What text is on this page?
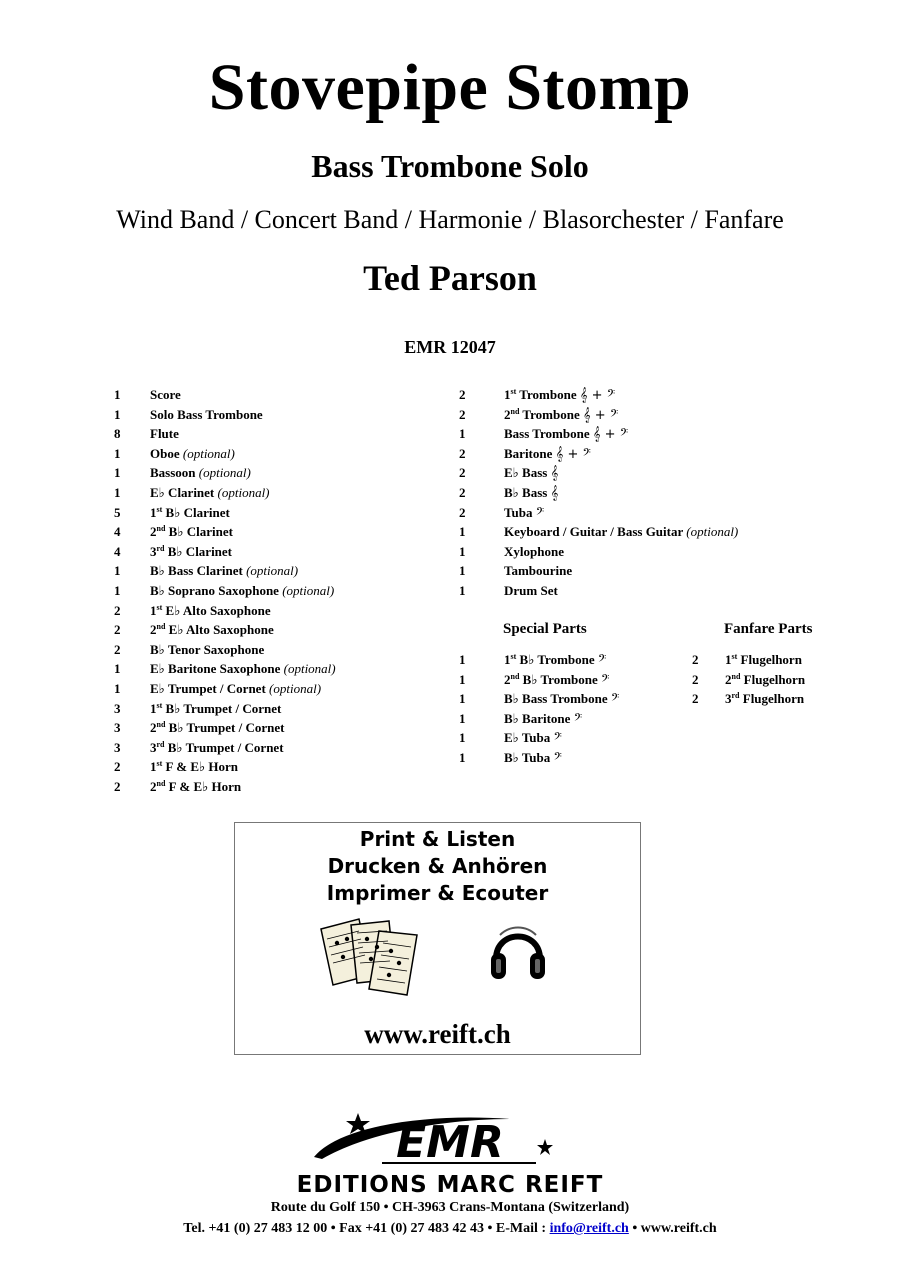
Stovepipe Stomp
Bass Trombone Solo
Wind Band / Concert Band / Harmonie / Blasorchester / Fanfare
Ted Parson
EMR 12047
1 Score
1 Solo Bass Trombone
8 Flute
1 Oboe (optional)
1 Bassoon (optional)
1 E♭ Clarinet (optional)
5 1st B♭ Clarinet
4 2nd B♭ Clarinet
4 3rd B♭ Clarinet
1 B♭ Bass Clarinet (optional)
1 B♭ Soprano Saxophone (optional)
2 1st E♭ Alto Saxophone
2 2nd E♭ Alto Saxophone
2 B♭ Tenor Saxophone
1 E♭ Baritone Saxophone (optional)
1 E♭ Trumpet / Cornet (optional)
3 1st B♭ Trumpet / Cornet
3 2nd B♭ Trumpet / Cornet
3 3rd B♭ Trumpet / Cornet
2 1st F & E♭ Horn
2 2nd F & E♭ Horn
2	1st Trombone 𝄞 + 𝄢
2	2nd Trombone 𝄞 + 𝄢
1	Bass Trombone 𝄞 + 𝄢
2	Baritone 𝄞 + 𝄢
2	E♭ Bass 𝄞
2	B♭ Bass 𝄞
2	Tuba 𝄢
1	Keyboard / Guitar / Bass Guitar (optional)
1	Xylophone
1	Tambourine
1	Drum Set
Special Parts
1	1st B♭ Trombone 𝄢
1	2nd B♭ Trombone 𝄢
1	B♭ Bass Trombone 𝄢
1	B♭ Baritone 𝄢
1	E♭ Tuba 𝄢
1	B♭ Tuba 𝄢
Fanfare Parts
2 1st Flugelhorn
2 2nd Flugelhorn
2 3rd Flugelhorn
Print & Listen
Drucken & Anhören
Imprimer & Ecouter
www.reift.ch
EMR
EDITIONS MARC REIFT
Route du Golf 150 • CH-3963 Crans-Montana (Switzerland)
Tel. +41 (0) 27 483 12 00 • Fax +41 (0) 27 483 42 43 • E-Mail : info@reift.ch • www.reift.ch
